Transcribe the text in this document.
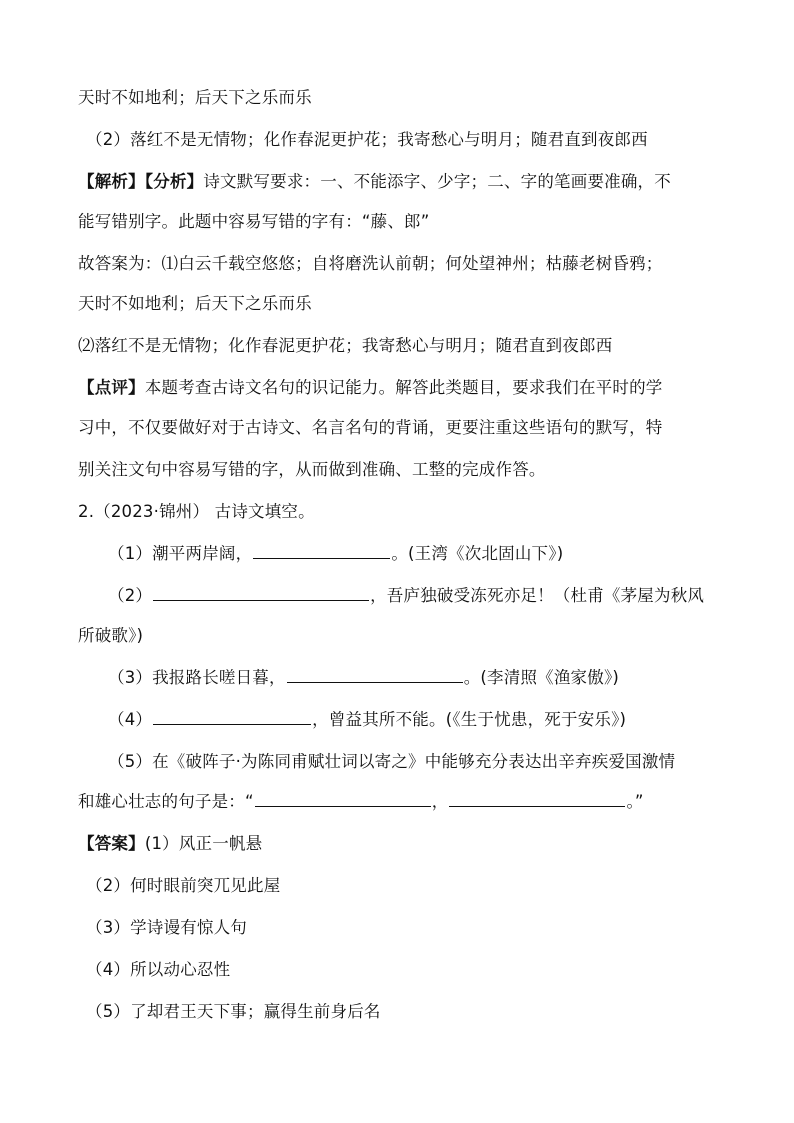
天时不如地利；后天下之乐而乐
（2）落红不是无情物；化作春泥更护花；我寄愁心与明月；随君直到夜郎西
【解析】【分析】诗文默写要求：一、不能添字、少字；二、字的笔画要准确，不
能写错别字。此题中容易写错的字有：“藤、郎”
故答案为：⑴白云千载空悠悠；自将磨洗认前朝；何处望神州；枯藤老树昏鸦；
天时不如地利；后天下之乐而乐
⑵落红不是无情物；化作春泥更护花；我寄愁心与明月；随君直到夜郎西
【点评】本题考查古诗文名句的识记能力。解答此类题目，要求我们在平时的学
习中，不仅要做好对于古诗文、名言名句的背诵，更要注重这些语句的默写，特
别关注文句中容易写错的字，从而做到准确、工整的完成作答。
2.（2023·锦州） 古诗文填空。
（1）潮平两岸阔，	。(王湾《次北固山下》)
（2）	，吾庐独破受冻死亦足！（杜甫《茅屋为秋风
所破歌》)
（3）我报路长嗟日暮，	。(李清照《渔家傲》)
（4）	，曾益其所不能。(《生于忧患，死于安乐》)
（5）在《破阵子·为陈同甫赋壮词以寄之》中能够充分表达出辛弃疾爱国激情
和雄心壮志的句子是：“	，	。”
【答案】(1）风正一帆悬
（2）何时眼前突兀见此屋
（3）学诗谩有惊人句
（4）所以动心忍性
（5）了却君王天下事；赢得生前身后名
